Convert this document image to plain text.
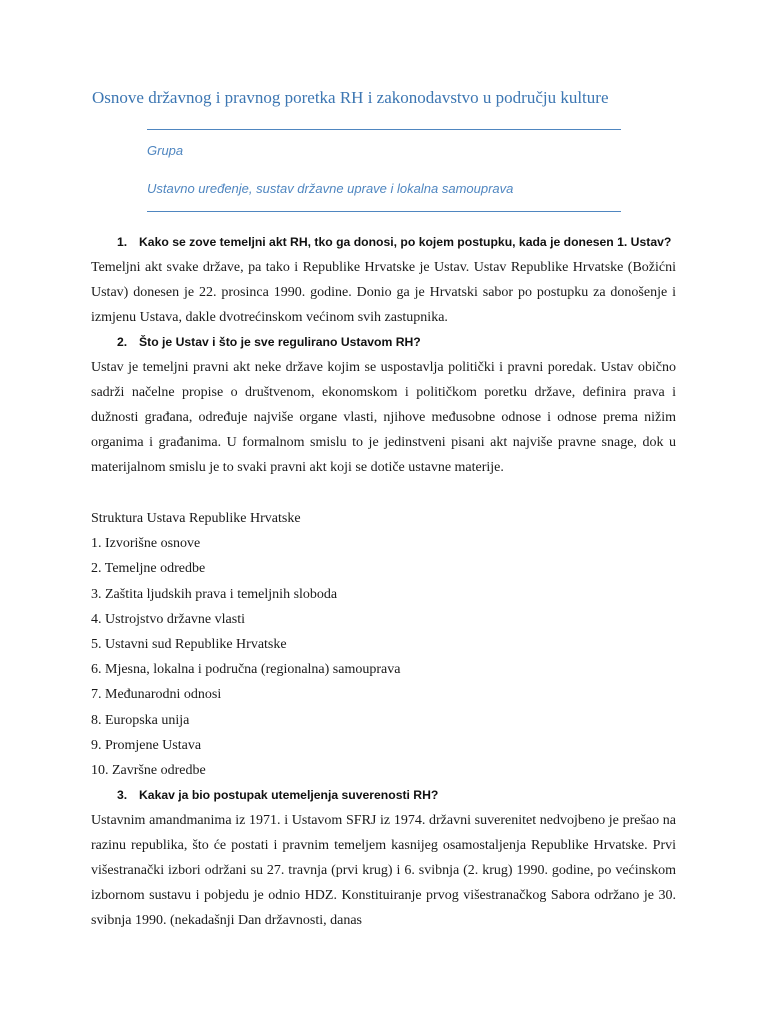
Osnove državnog i pravnog poretka RH i zakonodavstvo u području kulture
Grupa
Ustavno uređenje, sustav državne uprave i lokalna samouprava
1. Kako se zove temeljni akt RH, tko ga donosi, po kojem postupku, kada je donesen 1. Ustav?
Temeljni akt svake države, pa tako i Republike Hrvatske je Ustav. Ustav Republike Hrvatske (Božićni Ustav) donesen je 22. prosinca 1990. godine. Donio ga je Hrvatski sabor po postupku za donošenje i izmjenu Ustava, dakle dvotrećinskom većinom svih zastupnika.
2. Što je Ustav i što je sve regulirano Ustavom RH?
Ustav je temeljni pravni akt neke države kojim se uspostavlja politički i pravni poredak. Ustav obično sadrži načelne propise o društvenom, ekonomskom i političkom poretku države, definira prava i dužnosti građana, određuje najviše organe vlasti, njihove međusobne odnose i odnose prema nižim organima i građanima. U formalnom smislu to je jedinstveni pisani akt najviše pravne snage, dok u materijalnom smislu je to svaki pravni akt koji se dotiče ustavne materije.
Struktura Ustava Republike Hrvatske
1. Izvorišne osnove
2. Temeljne odredbe
3. Zaštita ljudskih prava i temeljnih sloboda
4. Ustrojstvo državne vlasti
5. Ustavni sud Republike Hrvatske
6. Mjesna, lokalna i područna (regionalna) samouprava
7. Međunarodni odnosi
8. Europska unija
9. Promjene Ustava
10. Završne odredbe
3. Kakav ja bio postupak utemeljenja suverenosti RH?
Ustavnim amandmanima iz 1971. i Ustavom SFRJ iz 1974. državni suverenitet nedvojbeno je prešao na razinu republika, što će postati i pravnim temeljem kasnijeg osamostaljenja Republike Hrvatske. Prvi višestranački izbori održani su 27. travnja (prvi krug) i 6. svibnja (2. krug) 1990. godine, po većinskom izbornom sustavu i pobjedu je odnio HDZ. Konstituiranje prvog višestranačkog Sabora održano je 30. svibnja 1990. (nekadašnji Dan državnosti, danas
